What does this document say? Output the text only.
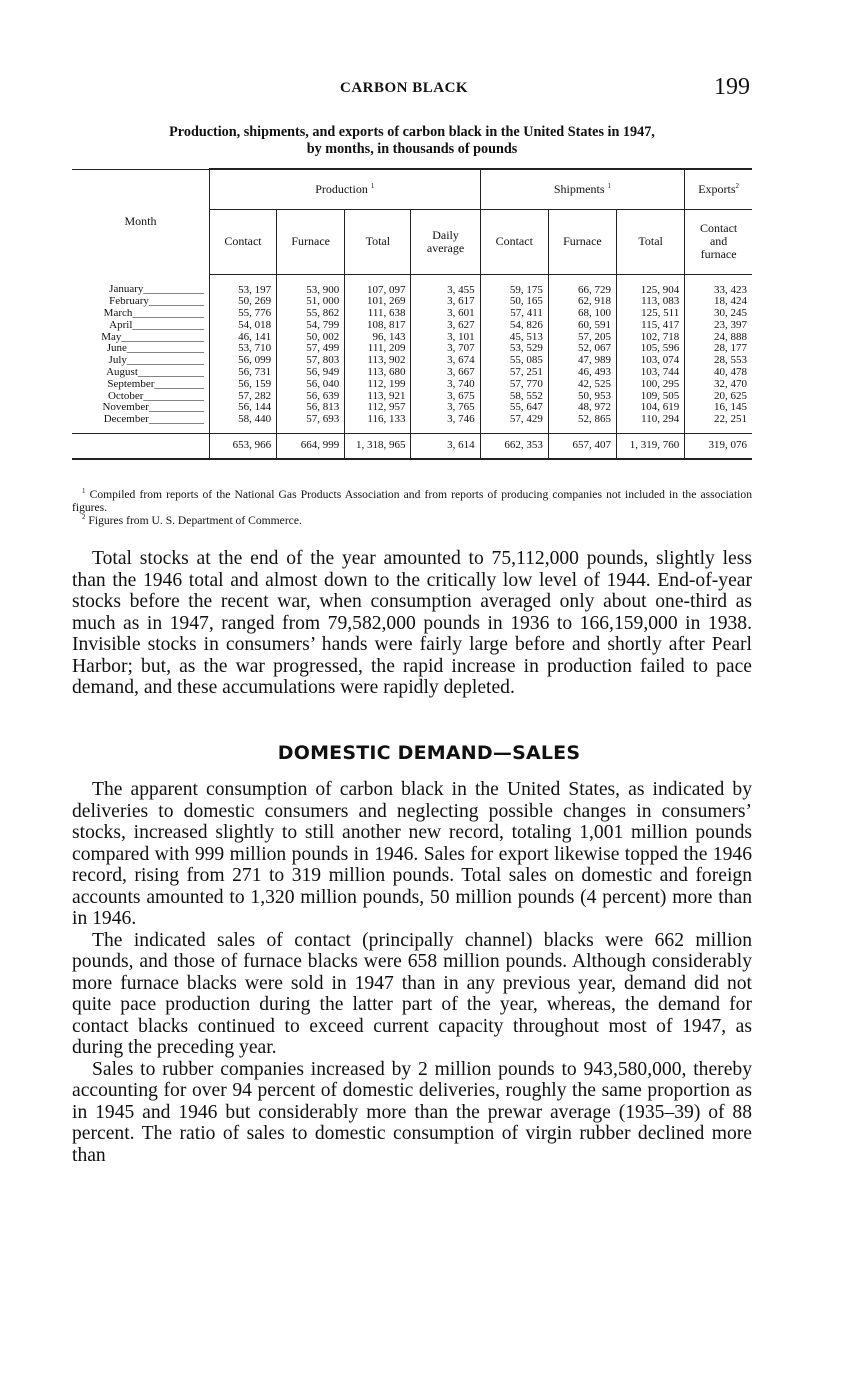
CARBON BLACK	199
Production, shipments, and exports of carbon black in the United States in 1947,
by months, in thousands of pounds
Month	Production $^1$				Shipments $^1$			Exports$^2$
	Contact	Furnace	Total	Daily average	Contact	Furnace	Total	Contact and furnace
January___________	53, 197	53, 900	107, 097	3, 455	59, 175	66, 729	125, 904	33, 423
February__________	50, 269	51, 000	101, 269	3, 617	50, 165	62, 918	113, 083	18, 424
March_____________	55, 776	55, 862	111, 638	3, 601	57, 411	68, 100	125, 511	30, 245
April_____________	54, 018	54, 799	108, 817	3, 627	54, 826	60, 591	115, 417	23, 397
May_______________	46, 141	50, 002	96, 143	3, 101	45, 513	57, 205	102, 718	24, 888
June______________	53, 710	57, 499	111, 209	3, 707	53, 529	52, 067	105, 596	28, 177
July______________	56, 099	57, 803	113, 902	3, 674	55, 085	47, 989	103, 074	28, 553
August____________	56, 731	56, 949	113, 680	3, 667	57, 251	46, 493	103, 744	40, 478
September_________	56, 159	56, 040	112, 199	3, 740	57, 770	42, 525	100, 295	32, 470
October___________	57, 282	56, 639	113, 921	3, 675	58, 552	50, 953	109, 505	20, 625
November__________	56, 144	56, 813	112, 957	3, 765	55, 647	48, 972	104, 619	16, 145
December__________	58, 440	57, 693	116, 133	3, 746	57, 429	52, 865	110, 294	22, 251
	653, 966	664, 999	1, 318, 965	3, 614	662, 353	657, 407	1, 319, 760	319, 076

$^1$ Compiled from reports of the National Gas Products Association and from reports of producing companies not included in the association figures.

$^2$ Figures from U. S. Department of Commerce.

Total stocks at the end of the year amounted to 75,112,000 pounds, slightly less than the 1946 total and almost down to the critically low level of 1944. End-of-year stocks before the recent war, when consumption averaged only about one-third as much as in 1947, ranged from 79,582,000 pounds in 1936 to 166,159,000 in 1938. Invisible stocks in consumers’ hands were fairly large before and shortly after Pearl Harbor; but, as the war progressed, the rapid increase in production failed to pace demand, and these accumulations were rapidly depleted.

DOMESTIC DEMAND—SALES

The apparent consumption of carbon black in the United States, as indicated by deliveries to domestic consumers and neglecting possible changes in consumers’ stocks, increased slightly to still another new record, totaling 1,001 million pounds compared with 999 million pounds in 1946. Sales for export likewise topped the 1946 record, rising from 271 to 319 million pounds. Total sales on domestic and foreign accounts amounted to 1,320 million pounds, 50 million pounds (4 percent) more than in 1946.

The indicated sales of contact (principally channel) blacks were 662 million pounds, and those of furnace blacks were 658 million pounds. Although considerably more furnace blacks were sold in 1947 than in any previous year, demand did not quite pace production during the latter part of the year, whereas, the demand for contact blacks continued to exceed current capacity throughout most of 1947, as during the preceding year.

Sales to rubber companies increased by 2 million pounds to 943,580,000, thereby accounting for over 94 percent of domestic deliveries, roughly the same proportion as in 1945 and 1946 but considerably more than the prewar average (1935–39) of 88 percent. The ratio of sales to domestic consumption of virgin rubber declined more than
